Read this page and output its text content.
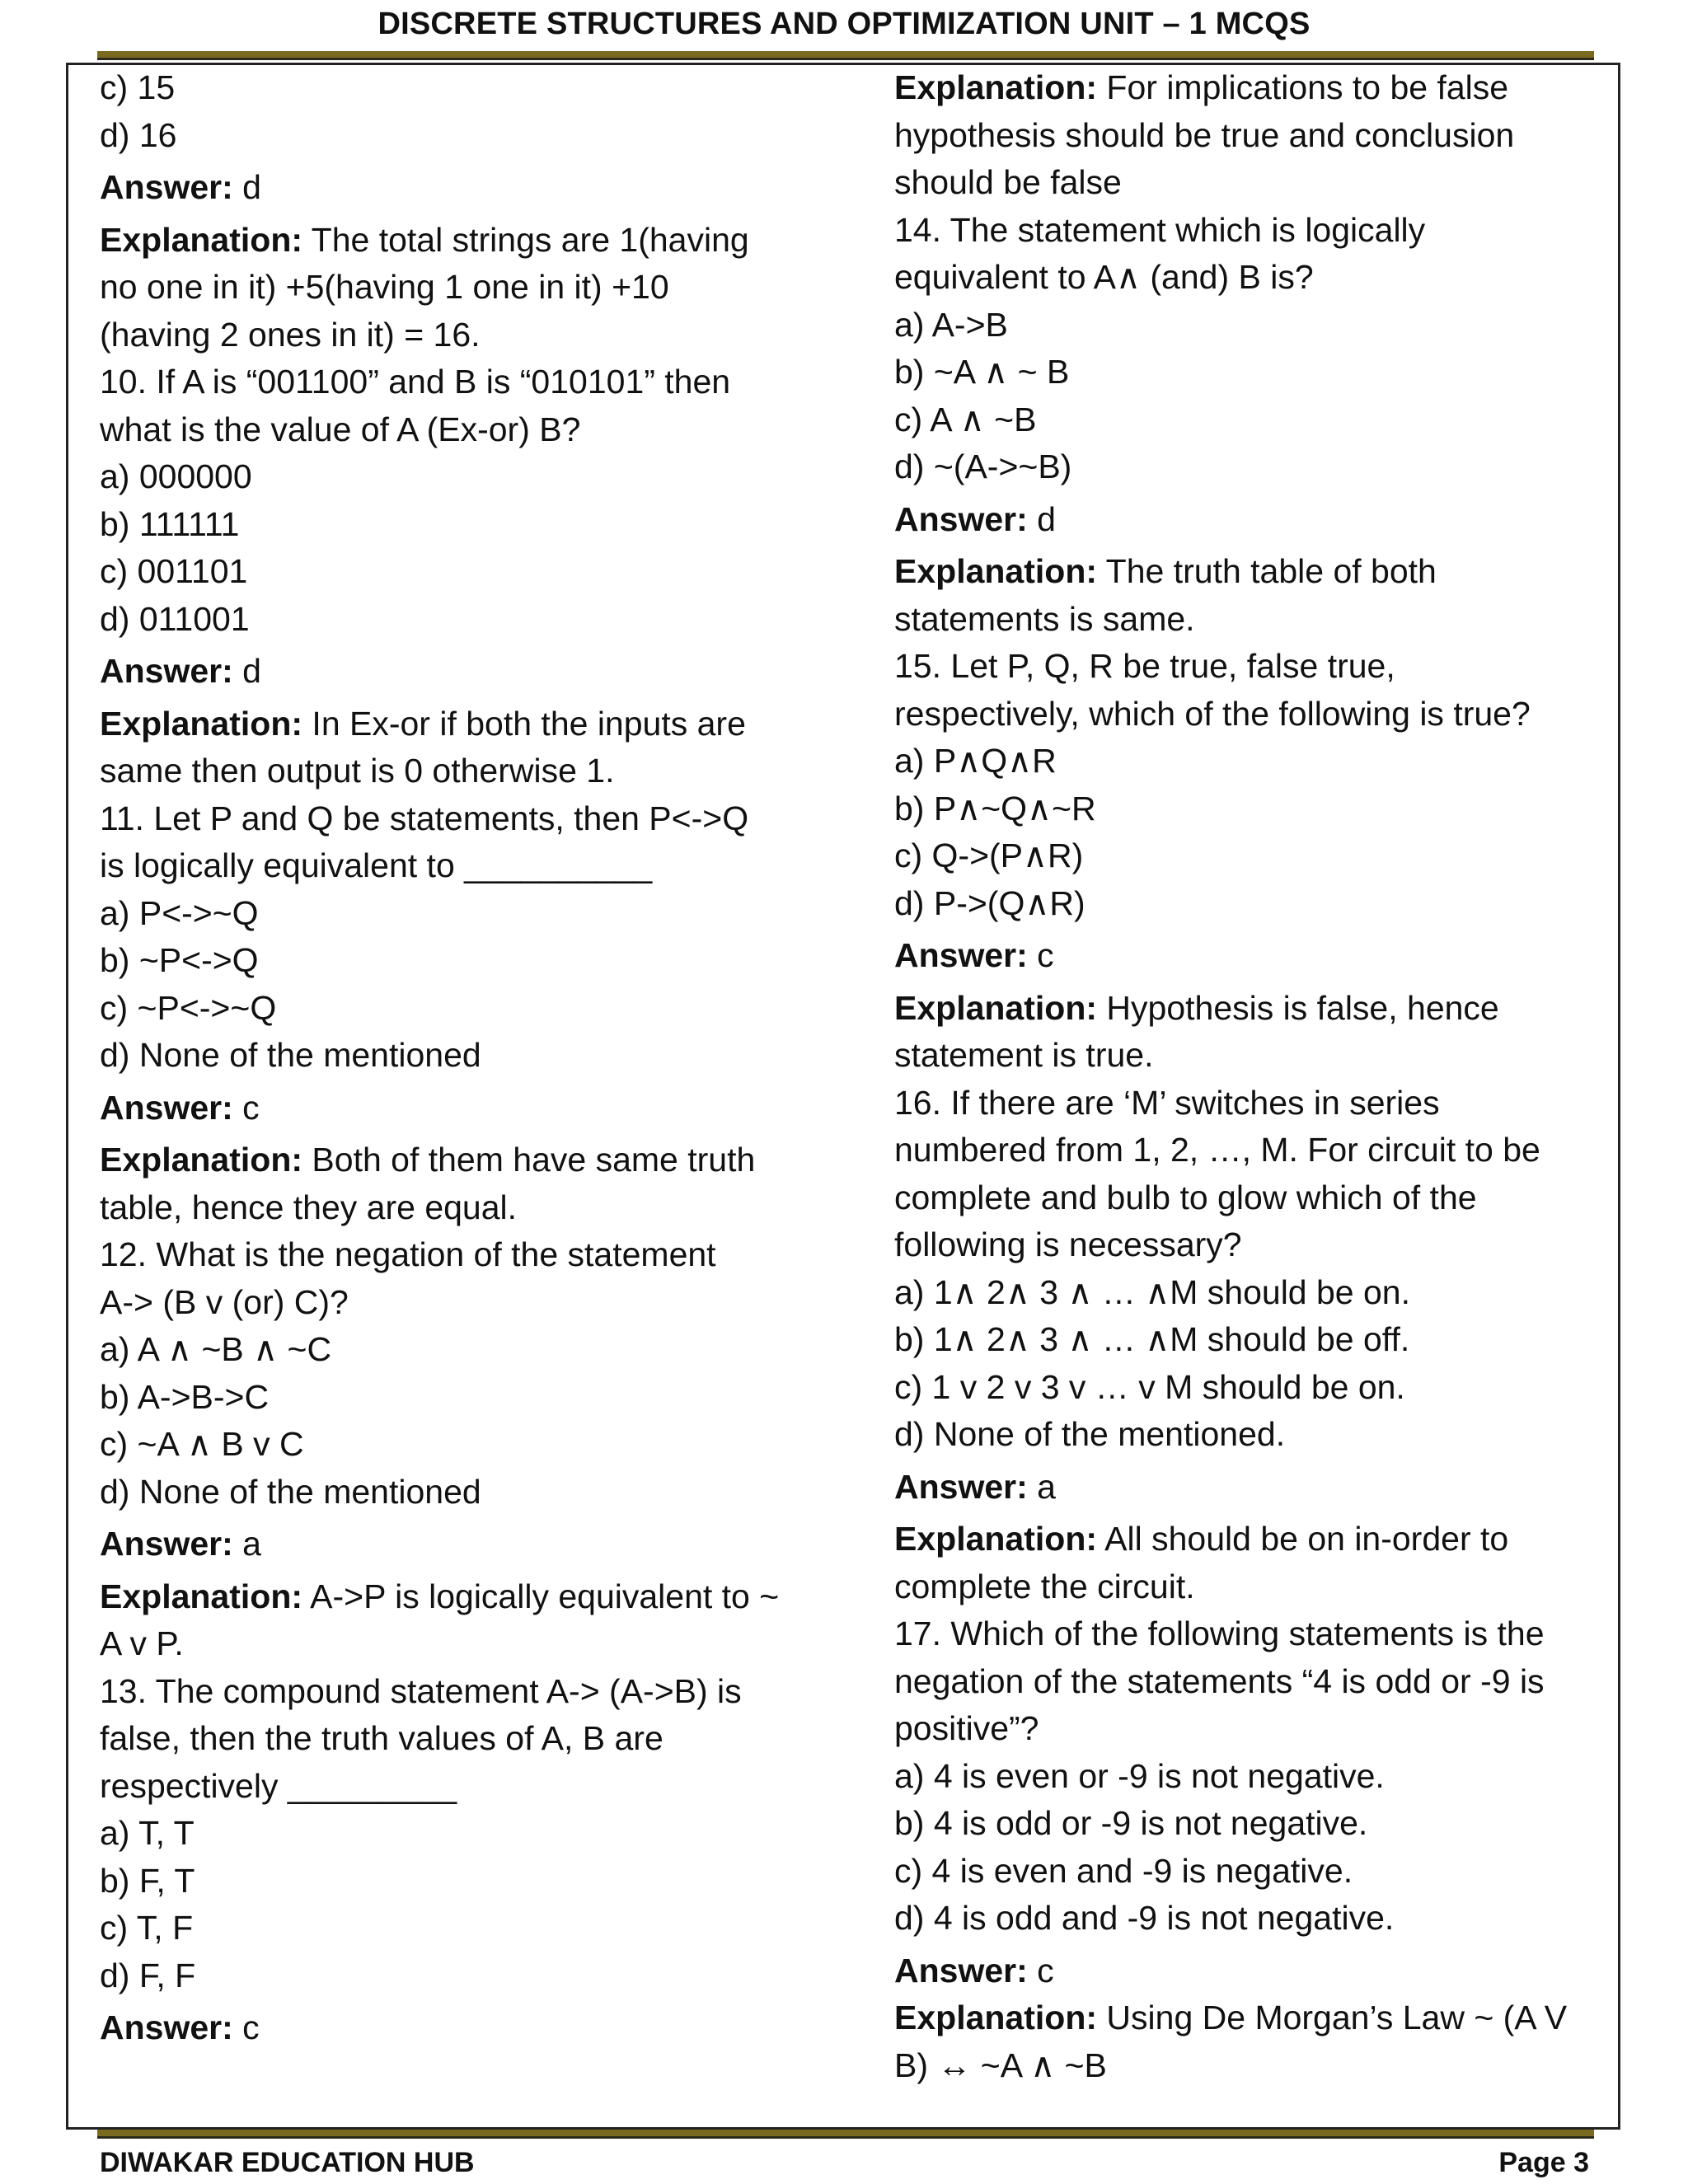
DISCRETE STRUCTURES AND OPTIMIZATION UNIT – 1 MCQS
c) 15
d) 16
Answer: d
Explanation: The total strings are 1(having
no one in it) +5(having 1 one in it) +10
(having 2 ones in it) = 16.
10. If A is “001100” and B is “010101” then
what is the value of A (Ex-or) B?
a) 000000
b) 111111
c) 001101
d) 011001
Answer: d
Explanation: In Ex-or if both the inputs are
same then output is 0 otherwise 1.
11. Let P and Q be statements, then P<->Q
is logically equivalent to __________
a) P<->~Q
b) ~P<->Q
c) ~P<->~Q
d) None of the mentioned
Answer: c
Explanation: Both of them have same truth
table, hence they are equal.
12. What is the negation of the statement
A-> (B v (or) C)?
a) A ∧ ~B ∧ ~C
b) A->B->C
c) ~A ∧ B v C
d) None of the mentioned
Answer: a
Explanation: A->P is logically equivalent to ~
A v P.
13. The compound statement A-> (A->B) is
false, then the truth values of A, B are
respectively _________
a) T, T
b) F, T
c) T, F
d) F, F
Answer: c
Explanation: For implications to be false
hypothesis should be true and conclusion
should be false
14. The statement which is logically
equivalent to A∧ (and) B is?
a) A->B
b) ~A ∧ ~ B
c) A ∧ ~B
d) ~(A->~B)
Answer: d
Explanation: The truth table of both
statements is same.
15. Let P, Q, R be true, false true,
respectively, which of the following is true?
a) P∧Q∧R
b) P∧~Q∧~R
c) Q->(P∧R)
d) P->(Q∧R)
Answer: c
Explanation: Hypothesis is false, hence
statement is true.
16. If there are ‘M’ switches in series
numbered from 1, 2, …, M. For circuit to be
complete and bulb to glow which of the
following is necessary?
a) 1∧ 2∧ 3 ∧ … ∧M should be on.
b) 1∧ 2∧ 3 ∧ … ∧M should be off.
c) 1 v 2 v 3 v … v M should be on.
d) None of the mentioned.
Answer: a
Explanation: All should be on in-order to
complete the circuit.
17. Which of the following statements is the
negation of the statements “4 is odd or -9 is
positive”?
a) 4 is even or -9 is not negative.
b) 4 is odd or -9 is not negative.
c) 4 is even and -9 is negative.
d) 4 is odd and -9 is not negative.
Answer: c
Explanation: Using De Morgan’s Law ~ (A V
B) ↔ ~A ∧ ~B
DIWAKAR EDUCATION HUB	Page 3
